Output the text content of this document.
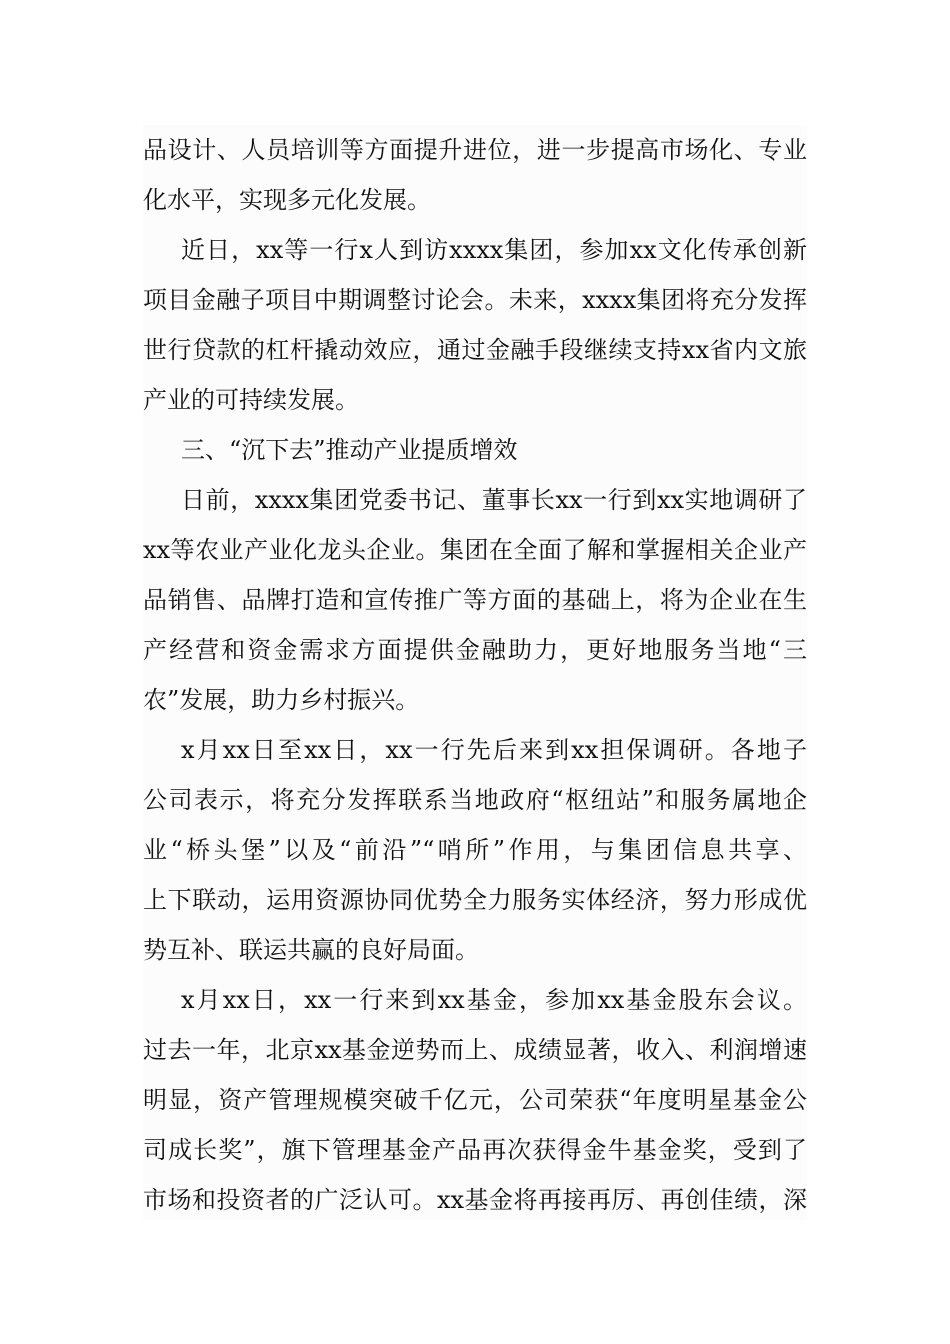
品设计、人员培训等方面提升进位，进一步提高市场化、专业
化水平，实现多元化发展。
近日，xx等一行x人到访xxxx集团，参加xx文化传承创新
项目金融子项目中期调整讨论会。未来，xxxx集团将充分发挥
世行贷款的杠杆撬动效应，通过金融手段继续支持xx省内文旅
产业的可持续发展。
三、“沉下去”推动产业提质增效
日前，xxxx集团党委书记、董事长xx一行到xx实地调研了
xx等农业产业化龙头企业。集团在全面了解和掌握相关企业产
品销售、品牌打造和宣传推广等方面的基础上，将为企业在生
产经营和资金需求方面提供金融助力，更好地服务当地“三
农”发展，助力乡村振兴。
x月xx日至xx日，xx一行先后来到xx担保调研。各地子
公司表示，将充分发挥联系当地政府“枢纽站”和服务属地企
业“桥头堡”以及“前沿”“哨所”作用，与集团信息共享、
上下联动，运用资源协同优势全力服务实体经济，努力形成优
势互补、联运共赢的良好局面。
x月xx日，xx一行来到xx基金，参加xx基金股东会议。
过去一年，北京xx基金逆势而上、成绩显著，收入、利润增速
明显，资产管理规模突破千亿元，公司荣获“年度明星基金公
司成长奖”，旗下管理基金产品再次获得金牛基金奖，受到了
市场和投资者的广泛认可。xx基金将再接再厉、再创佳绩，深
